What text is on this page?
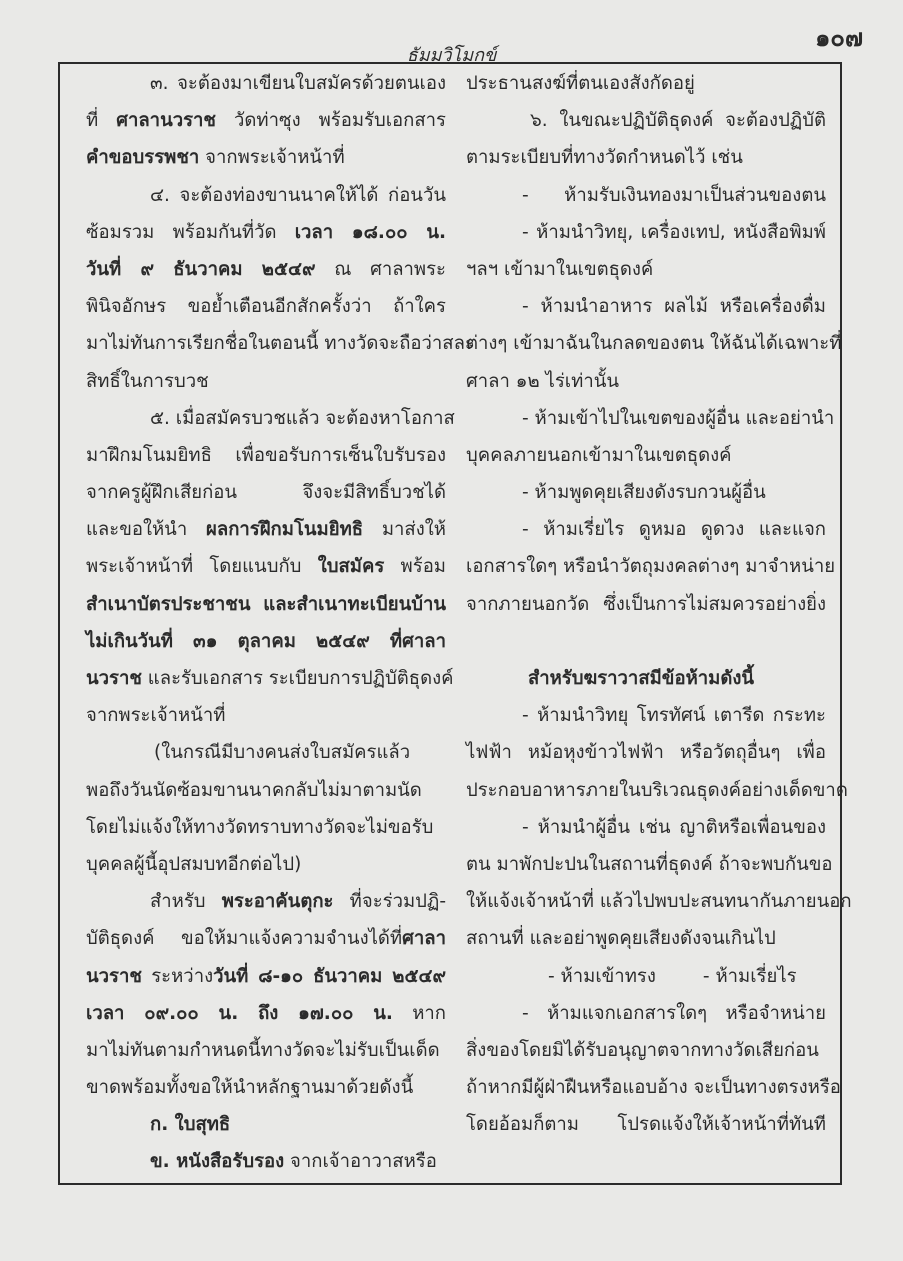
๑๐๗
ธัมมวิโมกข์
๓. จะต้องมาเขียนใบสมัครด้วยตนเอง
ที่ ศาลานวราช วัดท่าซุง พร้อมรับเอกสาร
คำขอบรรพชา จากพระเจ้าหน้าที่
๔. จะต้องท่องขานนาคให้ได้ ก่อนวัน
ซ้อมรวม พร้อมกันที่วัด เวลา ๑๘.๐๐ น.
วันที่ ๙ ธันวาคม ๒๕๔๙ ณ ศาลาพระ
พินิจอักษร ขอย้ำเตือนอีกสักครั้งว่า ถ้าใคร
มาไม่ทันการเรียกชื่อในตอนนี้ ทางวัดจะถือว่าสละ
สิทธิ์ในการบวช
๕. เมื่อสมัครบวชแล้ว จะต้องหาโอกาส
มาฝึกมโนมยิทธิ เพื่อขอรับการเซ็นใบรับรอง
จากครูผู้ฝึกเสียก่อน จึงจะมีสิทธิ์บวชได้
และขอให้นำ ผลการฝึกมโนมยิทธิ มาส่งให้
พระเจ้าหน้าที่ โดยแนบกับ ใบสมัคร พร้อม
สำเนาบัตรประชาชน และสำเนาทะเบียนบ้าน
ไม่เกินวันที่ ๓๑ ตุลาคม ๒๕๔๙ ที่ศาลา
นวราช และรับเอกสาร ระเบียบการปฏิบัติธุดงค์
จากพระเจ้าหน้าที่
(ในกรณีมีบางคนส่งใบสมัครแล้ว
พอถึงวันนัดซ้อมขานนาคกลับไม่มาตามนัด
โดยไม่แจ้งให้ทางวัดทราบทางวัดจะไม่ขอรับ
บุคคลผู้นี้อุปสมบทอีกต่อไป)
สำหรับ พระอาคันตุกะ ที่จะร่วมปฏิ-
บัติธุดงค์ ขอให้มาแจ้งความจำนงได้ที่ศาลา
นวราช ระหว่างวันที่ ๘-๑๐ ธันวาคม ๒๕๔๙
เวลา ๐๙.๐๐ น. ถึง ๑๗.๐๐ น. หาก
มาไม่ทันตามกำหนดนี้ทางวัดจะไม่รับเป็นเด็ด
ขาดพร้อมทั้งขอให้นำหลักฐานมาด้วยดังนี้
ก. ใบสุทธิ
ข. หนังสือรับรอง จากเจ้าอาวาสหรือ
ประธานสงฆ์ที่ตนเองสังกัดอยู่
๖. ในขณะปฏิบัติธุดงค์ จะต้องปฏิบัติ
ตามระเบียบที่ทางวัดกำหนดไว้ เช่น
- ห้ามรับเงินทองมาเป็นส่วนของตน
- ห้ามนำวิทยุ, เครื่องเทป, หนังสือพิมพ์
ฯลฯ เข้ามาในเขตธุดงค์
- ห้ามนำอาหาร ผลไม้ หรือเครื่องดื่ม
ต่างๆ เข้ามาฉันในกลดของตน ให้ฉันได้เฉพาะที่
ศาลา ๑๒ ไร่เท่านั้น
- ห้ามเข้าไปในเขตของผู้อื่น และอย่านำ
บุคคลภายนอกเข้ามาในเขตธุดงค์
- ห้ามพูดคุยเสียงดังรบกวนผู้อื่น
- ห้ามเรี่ยไร ดูหมอ ดูดวง และแจก
เอกสารใดๆ หรือนำวัตถุมงคลต่างๆ มาจำหน่าย
จากภายนอกวัด ซึ่งเป็นการไม่สมควรอย่างยิ่ง
สำหรับฆราวาสมีข้อห้ามดังนี้
- ห้ามนำวิทยุ โทรทัศน์ เตารีด กระทะ
ไฟฟ้า หม้อหุงข้าวไฟฟ้า หรือวัตถุอื่นๆ เพื่อ
ประกอบอาหารภายในบริเวณธุดงค์อย่างเด็ดขาด
- ห้ามนำผู้อื่น เช่น ญาติหรือเพื่อนของ
ตน มาพักปะปนในสถานที่ธุดงค์ ถ้าจะพบกันขอ
ให้แจ้งเจ้าหน้าที่ แล้วไปพบปะสนทนากันภายนอก
สถานที่ และอย่าพูดคุยเสียงดังจนเกินไป
- ห้ามเข้าทรง        - ห้ามเรี่ยไร
- ห้ามแจกเอกสารใดๆ หรือจำหน่าย
สิ่งของโดยมิได้รับอนุญาตจากทางวัดเสียก่อน
ถ้าหากมีผู้ฝ่าฝืนหรือแอบอ้าง จะเป็นทางตรงหรือ
โดยอ้อมก็ตาม โปรดแจ้งให้เจ้าหน้าที่ทันที
